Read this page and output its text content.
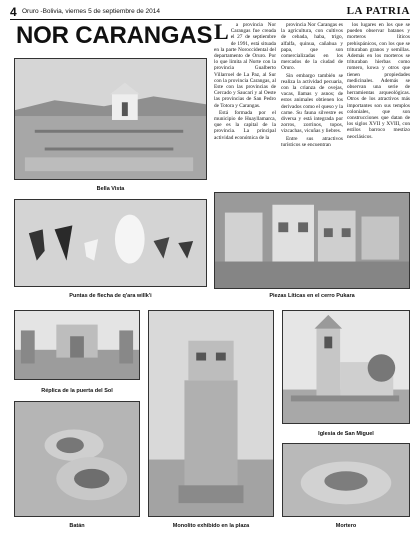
4 Oruro -Bolivia, viernes 5 de septiembre de 2014	LA PATRIA
NOR CARANGAS L a provincia Nor Carangas fue creada el 27 de septiembre de 1991, está situada en la parte Noroccidental del departamento de Oruro. Por lo que limita al Norte con la provincia Gualberto Villarroel de La Paz, al Sur con la provincia Carangas, al Este con las provincias de Cercado y Saucarí y al Oeste las provincias de San Pedro de Totora y Carangas.

Está formada por el municipio de Huayllamarca, que es la capital de la provincia. La principal actividad económica de la

provincia Nor Carangas es la agricultura, con cultivos de cebada, haba, trigo, alfalfa, quinua, cañahua y papa, que son comercializadas en los mercados de la ciudad de Oruro.

Sin embargo también se realiza la actividad pecuaria, con la crianza de ovejas, vacas, llamas y asnos; de estos animales obtienen los derivados como el queso y la carne. Su fauna silvestre es diversa y está integrada por zorros, zorrinos, topos, vizcachas, vicuñas y liebres.

Entre sus atractivos turísticos se encuentran

los lugares en los que se pueden observar batanes y morteros líticos prehispánicos, con los que se trituraban granos y semillas. Además en los morteros se trituraban hierbas como romero, kowa y otros que tienen propiedades medicinales. Además se observan una serie de herramientas arqueológicas. Otros de los atractivos más importantes son sus templos coloniales, que son construcciones que datan de los siglos XVII y XVIII, con estilos barroco mestizo neoclásicos.

Bella Vista
Piezas Líticas en el cerro Pukara
Puntas de flecha de q'ara willk'i
Réplica de la puerta del Sol
Batán	Monolito exhibido en la plaza
Iglesia de San Miguel
Mortero
